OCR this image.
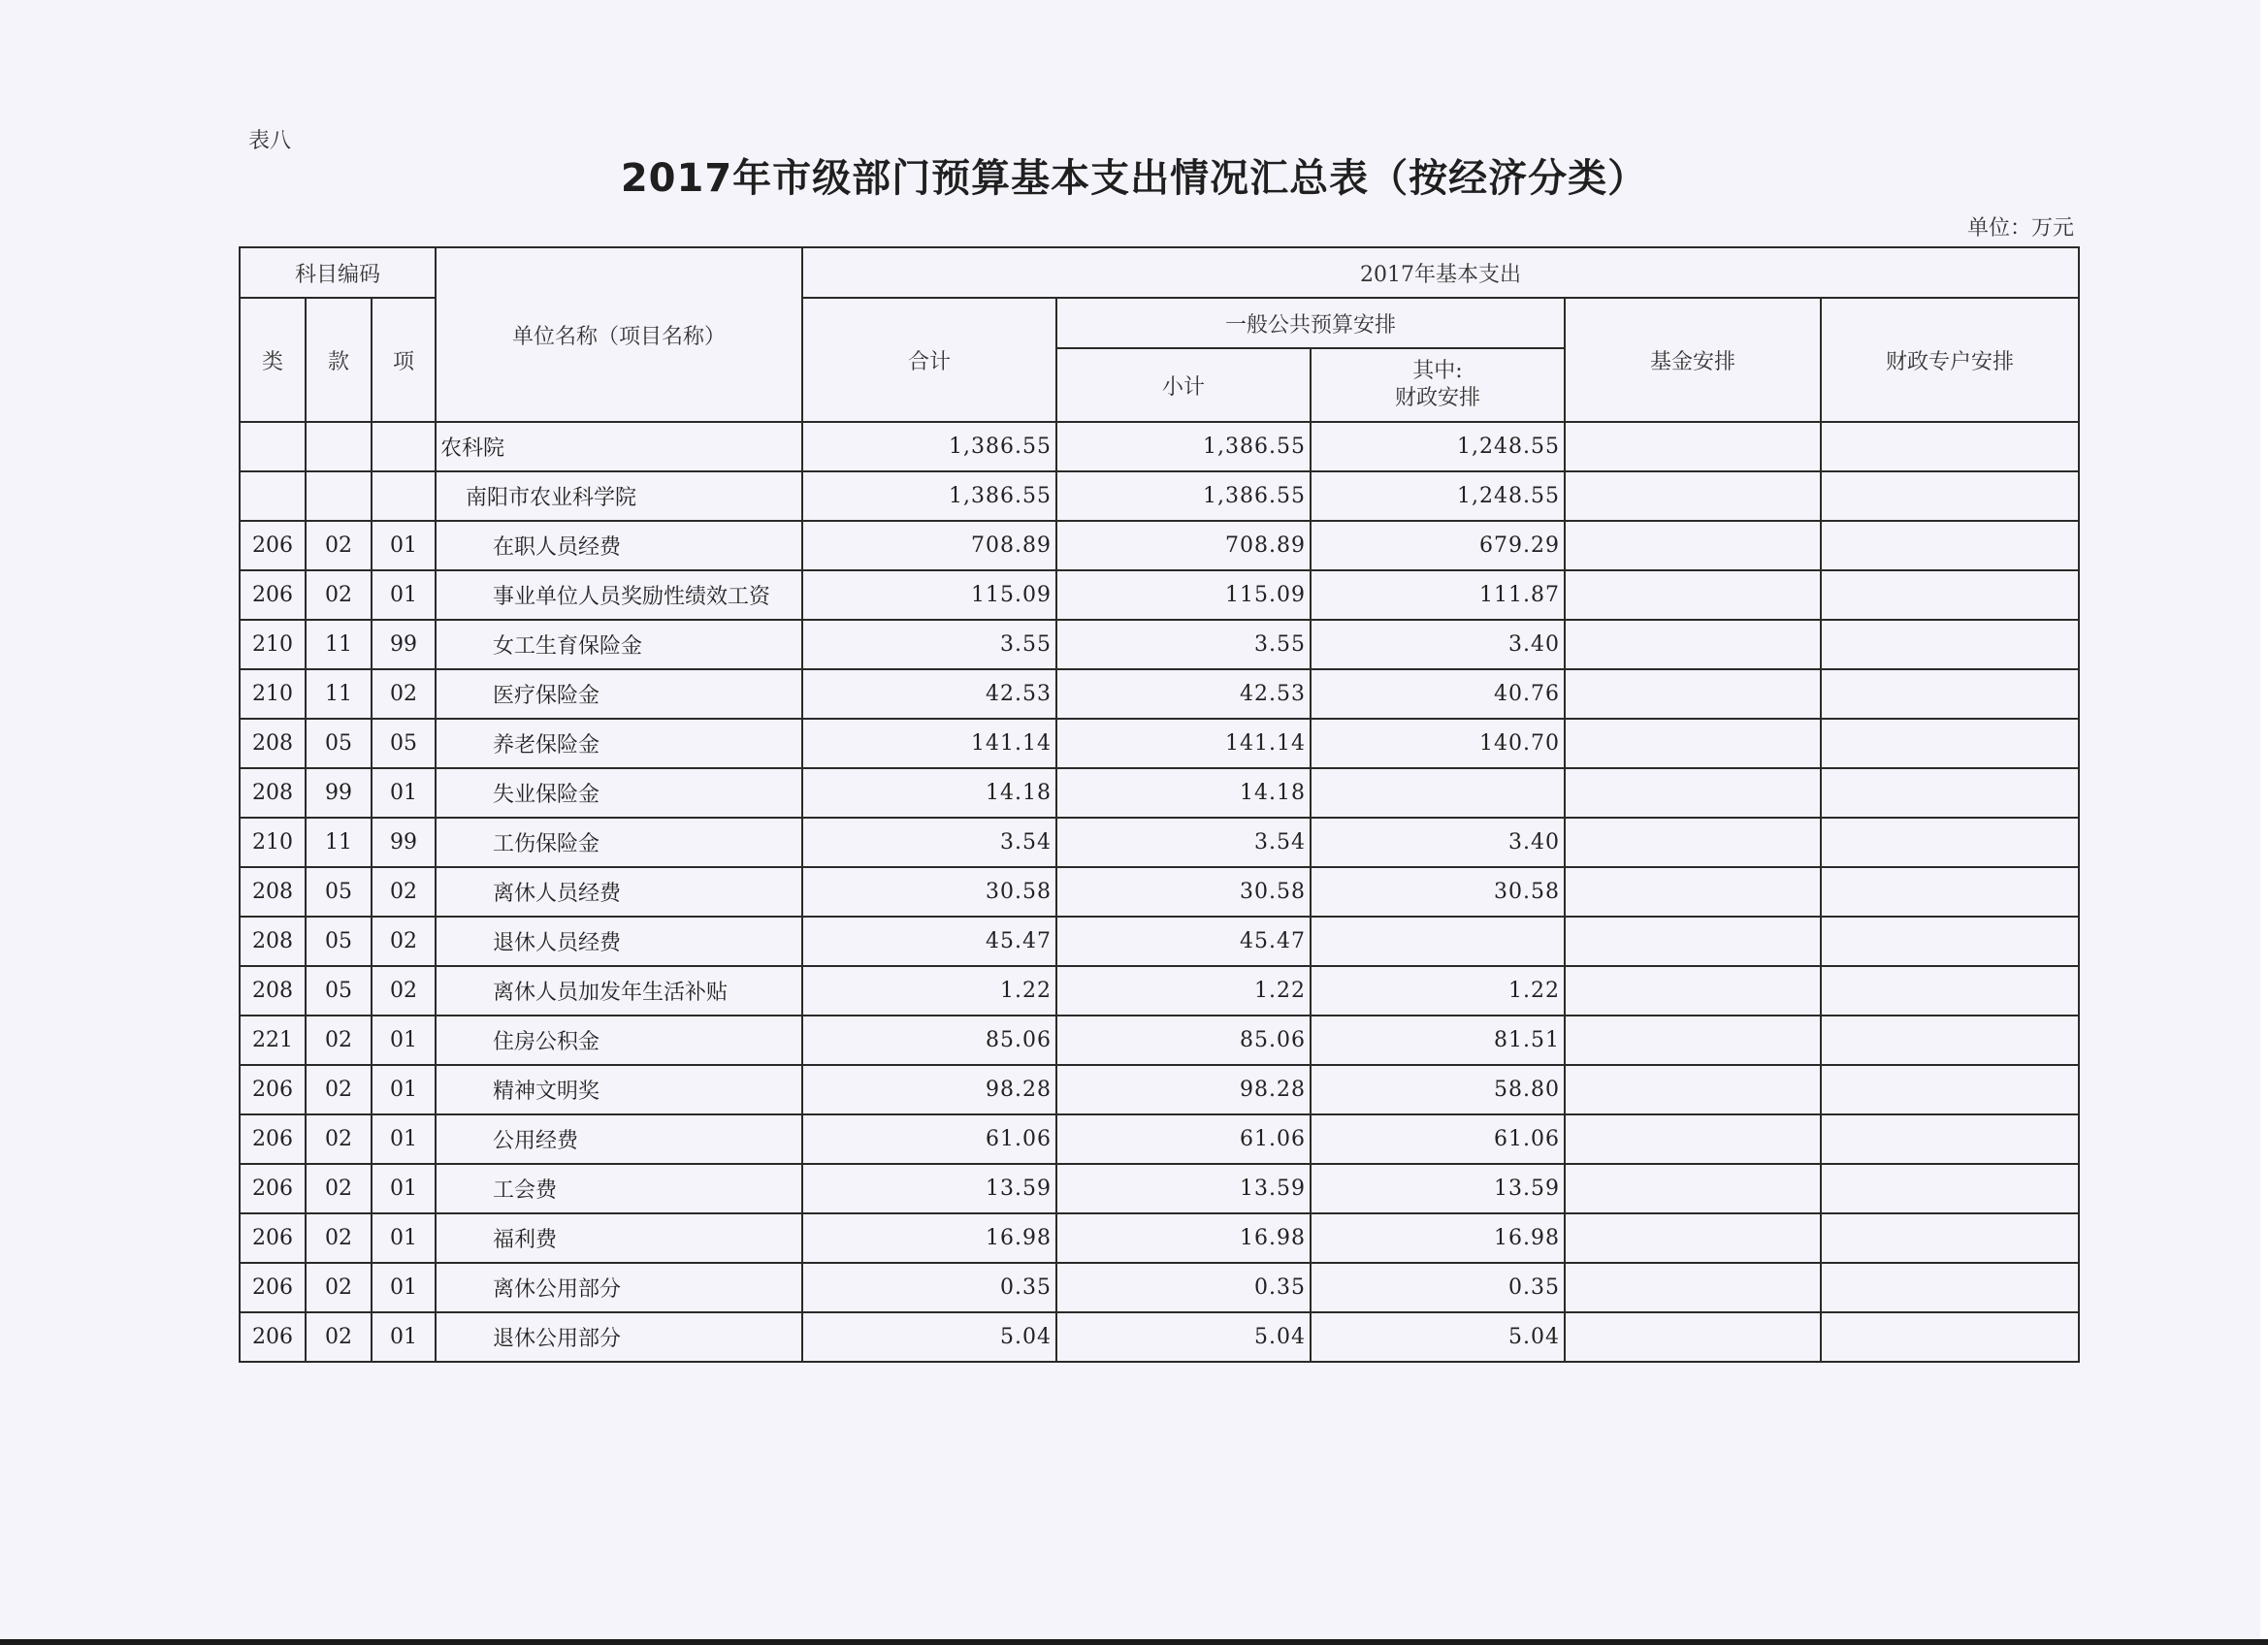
表八
2017年市级部门预算基本支出情况汇总表（按经济分类）
单位：万元
科目编码			单位名称（项目名称）	2017年基本支出				
类	款	项		合计	一般公共预算安排		基金安排	财政专户安排
					小计	其中:
财政安排		

			农科院	1,386.55	1,386.55	1,248.55		
			南阳市农业科学院	1,386.55	1,386.55	1,248.55		
206	02	01	在职人员经费	708.89	708.89	679.29		
206	02	01	事业单位人员奖励性绩效工资	115.09	115.09	111.87		
210	11	99	女工生育保险金	3.55	3.55	3.40		
210	11	02	医疗保险金	42.53	42.53	40.76		
208	05	05	养老保险金	141.14	141.14	140.70		
208	99	01	失业保险金	14.18	14.18			
210	11	99	工伤保险金	3.54	3.54	3.40		
208	05	02	离休人员经费	30.58	30.58	30.58		
208	05	02	退休人员经费	45.47	45.47			
208	05	02	离休人员加发年生活补贴	1.22	1.22	1.22		
221	02	01	住房公积金	85.06	85.06	81.51		
206	02	01	精神文明奖	98.28	98.28	58.80		
206	02	01	公用经费	61.06	61.06	61.06		
206	02	01	工会费	13.59	13.59	13.59		
206	02	01	福利费	16.98	16.98	16.98		
206	02	01	离休公用部分	0.35	0.35	0.35		
206	02	01	退休公用部分	5.04	5.04	5.04		
